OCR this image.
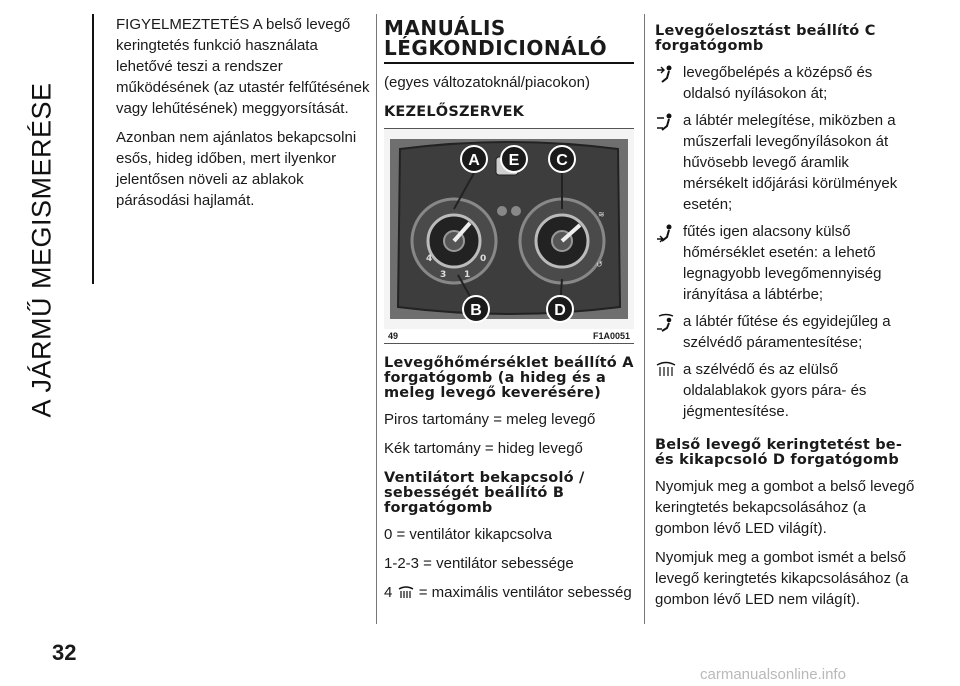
A JÁRMŰ MEGISMERÉSE
32

FIGYELMEZTETÉS A belső levegő keringtetés funkció használata lehetővé teszi a rendszer működésének (az utastér felfűtésének vagy lehűtésének) meggyorsítását.

Azonban nem ajánlatos bekapcsolni esős, hideg időben, mert ilyenkor jelentősen növeli az ablakok párásodási hajlamát.

MANUÁLIS LÉGKONDICIONÁLÓ

(egyes változatoknál/piacokon)

KEZELŐSZERVEK
4
3 1
0
≋
↺
A E C
B	D
49	F1A0051
Levegőhőmérséklet beállító A forgatógomb (a hideg és a meleg levegő keverésére)

Piros tartomány = meleg levegő

Kék tartomány = hideg levegő

Ventilátort bekapcsoló / sebességét beállító B forgatógomb

0 = ventilátor kikapcsolva

1-2-3 = ventilátor sebessége

4 = maximális ventilátor sebesség

Levegőelosztást beállító C forgatógomb
levegőbelépés a középső és oldalsó nyílásokon át;
a lábtér melegítése, miközben a műszerfali levegőnyílásokon át hűvösebb levegő áramlik mérsékelt időjárási körülmények esetén;
fűtés igen alacsony külső hőmérséklet esetén: a lehető legnagyobb levegőmennyiség irányítása a lábtérbe;
a lábtér fűtése és egyidejűleg a szélvédő páramentesítése;
a szélvédő és az elülső oldalablakok gyors pára- és jégmentesítése.
Belső levegő keringtetést be- és kikapcsoló D forgatógomb

Nyomjuk meg a gombot a belső levegő keringtetés bekapcsolásához (a gombon lévő LED világít).

Nyomjuk meg a gombot ismét a belső levegő keringtetés kikapcsolásához (a gombon lévő LED nem világít).

carmanualsonline.info
